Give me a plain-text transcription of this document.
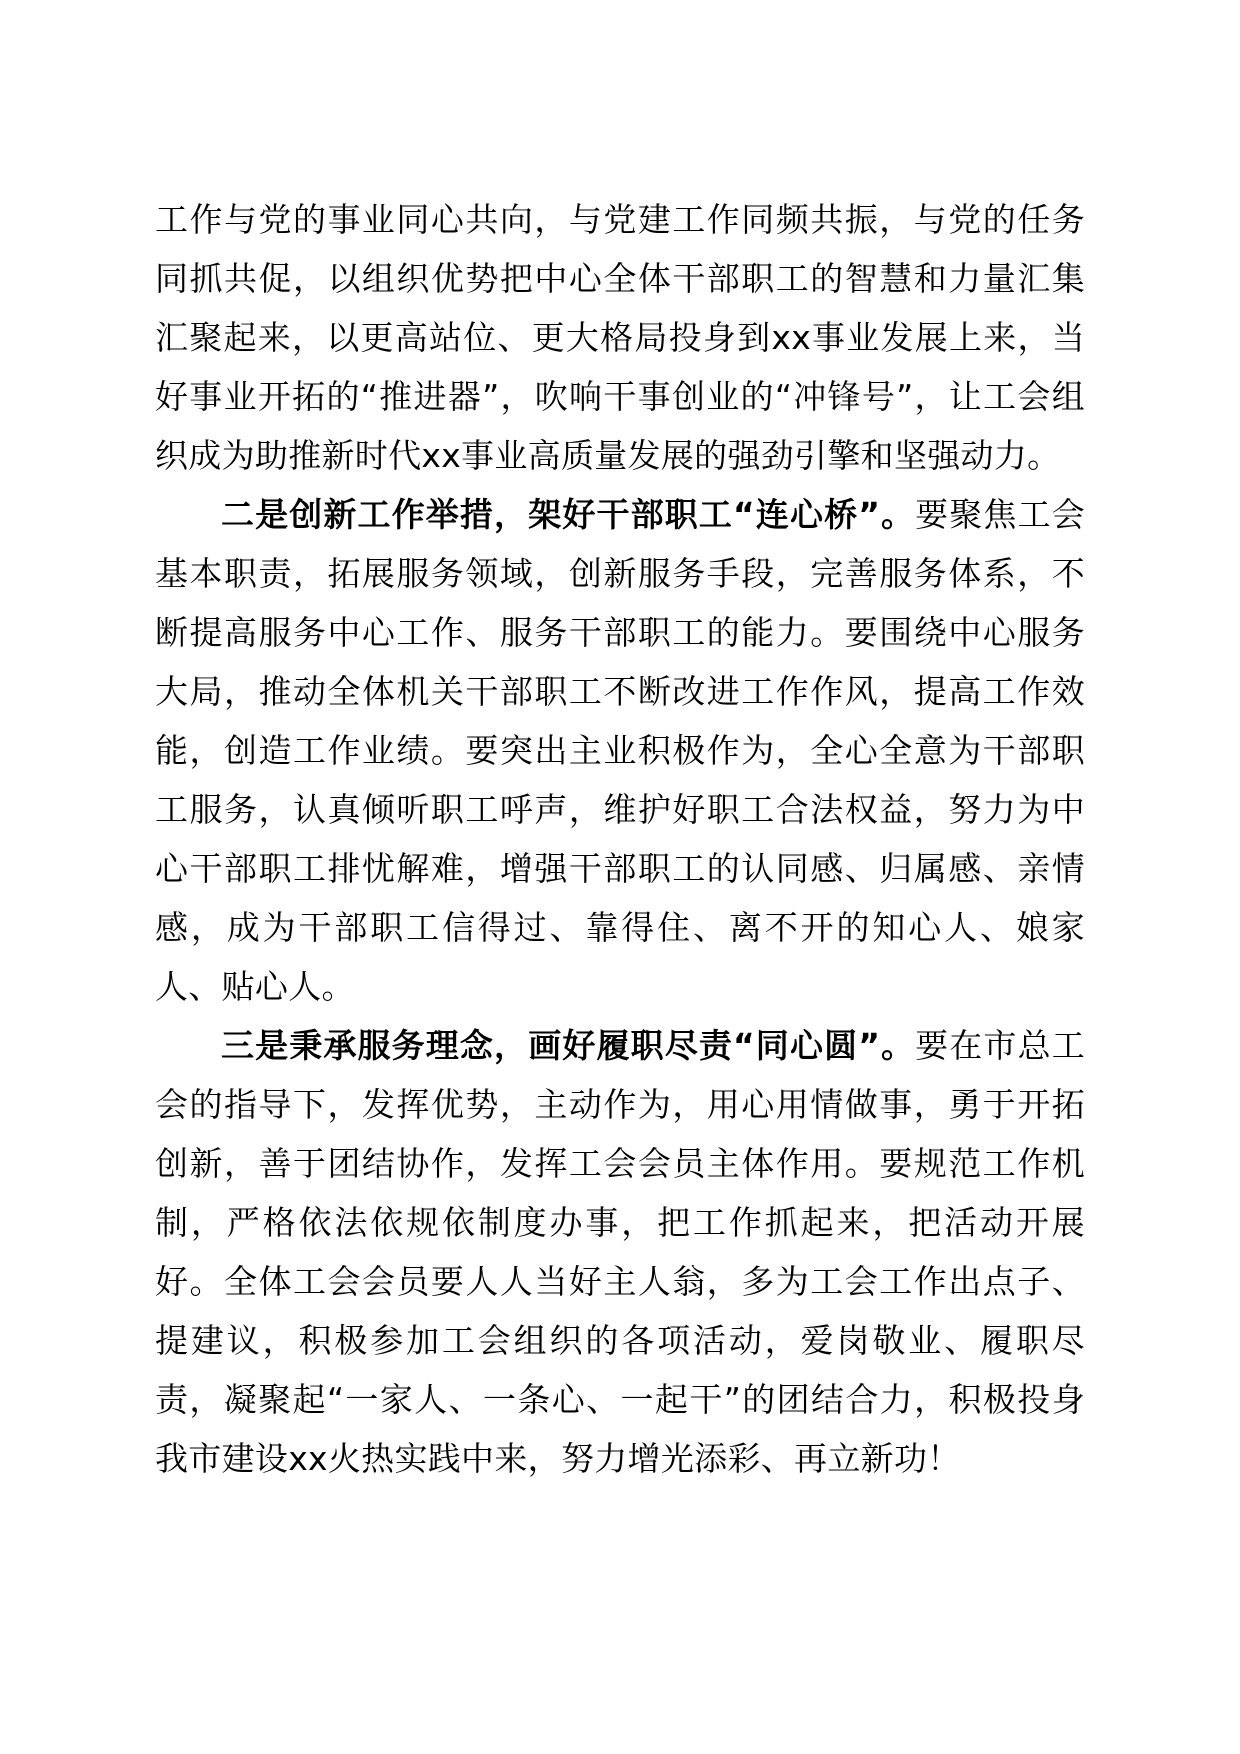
工作与党的事业同心共向，与党建工作同频共振，与党的任务同抓共促，以组织优势把中心全体干部职工的智慧和力量汇集汇聚起来，以更高站位、更大格局投身到xx事业发展上来，当好事业开拓的“推进器”，吹响干事创业的“冲锋号”，让工会组织成为助推新时代xx事业高质量发展的强劲引擎和坚强动力。

二是创新工作举措，架好干部职工“连心桥”。要聚焦工会基本职责，拓展服务领域，创新服务手段，完善服务体系，不断提高服务中心工作、服务干部职工的能力。要围绕中心服务大局，推动全体机关干部职工不断改进工作作风，提高工作效能，创造工作业绩。要突出主业积极作为，全心全意为干部职工服务，认真倾听职工呼声，维护好职工合法权益，努力为中心干部职工排忧解难，增强干部职工的认同感、归属感、亲情感，成为干部职工信得过、靠得住、离不开的知心人、娘家人、贴心人。

三是秉承服务理念，画好履职尽责“同心圆”。要在市总工会的指导下，发挥优势，主动作为，用心用情做事，勇于开拓创新，善于团结协作，发挥工会会员主体作用。要规范工作机制，严格依法依规依制度办事，把工作抓起来，把活动开展好。全体工会会员要人人当好主人翁，多为工会工作出点子、提建议，积极参加工会组织的各项活动，爱岗敬业、履职尽责，凝聚起“一家人、一条心、一起干”的团结合力，积极投身我市建设xx火热实践中来，努力增光添彩、再立新功！
